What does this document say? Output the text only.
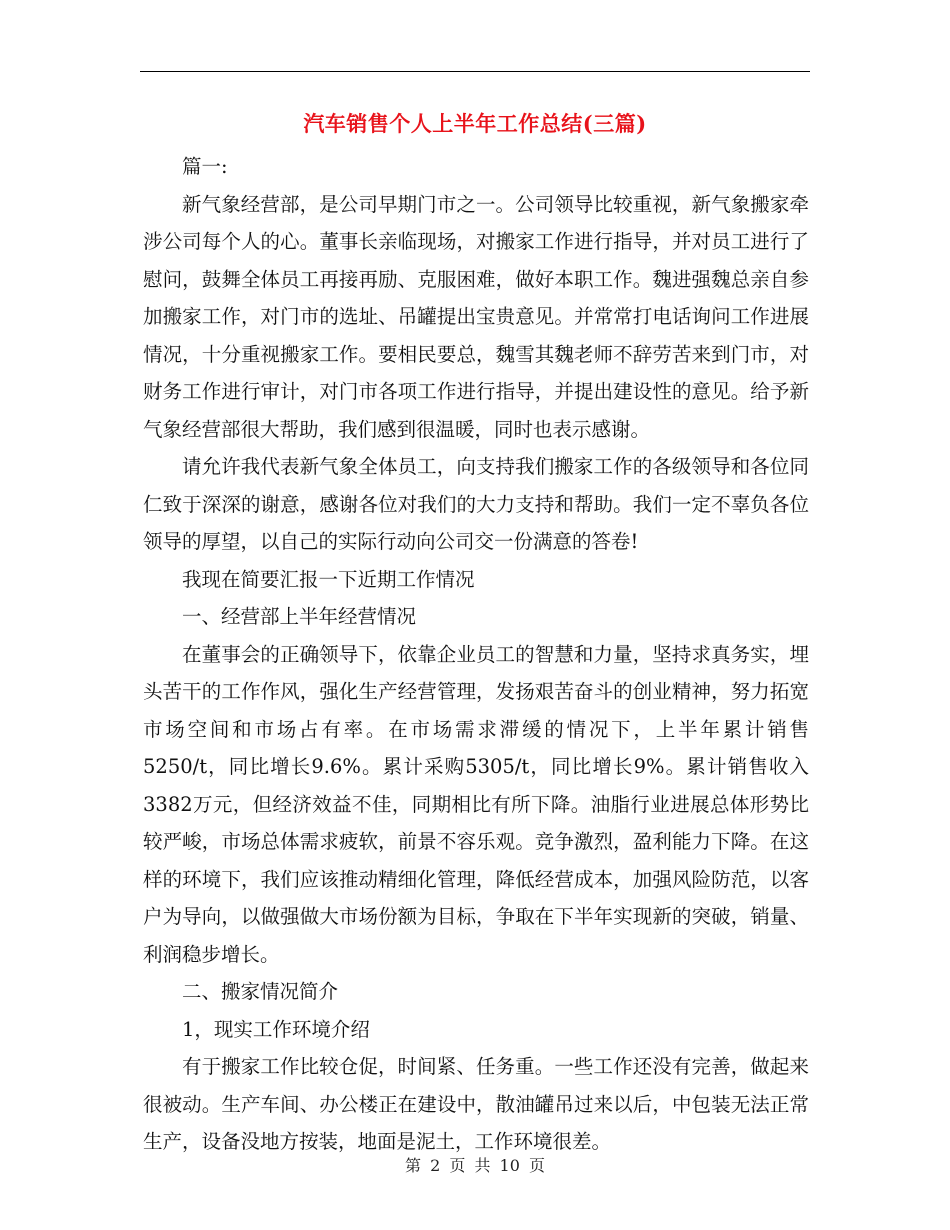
汽车销售个人上半年工作总结(三篇)

篇一:

新气象经营部，是公司早期门市之一。公司领导比较重视，新气象搬家牵涉公司每个人的心。董事长亲临现场，对搬家工作进行指导，并对员工进行了慰问，鼓舞全体员工再接再励、克服困难，做好本职工作。魏进强魏总亲自参加搬家工作，对门市的选址、吊罐提出宝贵意见。并常常打电话询问工作进展情况，十分重视搬家工作。要相民要总，魏雪其魏老师不辞劳苦来到门市，对财务工作进行审计，对门市各项工作进行指导，并提出建设性的意见。给予新气象经营部很大帮助，我们感到很温暖，同时也表示感谢。

请允许我代表新气象全体员工，向支持我们搬家工作的各级领导和各位同仁致于深深的谢意，感谢各位对我们的大力支持和帮助。我们一定不辜负各位领导的厚望，以自己的实际行动向公司交一份满意的答卷!

我现在简要汇报一下近期工作情况

一、经营部上半年经营情况

在董事会的正确领导下，依靠企业员工的智慧和力量，坚持求真务实，埋头苦干的工作作风，强化生产经营管理，发扬艰苦奋斗的创业精神，努力拓宽市场空间和市场占有率。在市场需求滞缓的情况下，上半年累计销售5250/t，同比增长9.6%。累计采购5305/t，同比增长9%。累计销售收入3382万元，但经济效益不佳，同期相比有所下降。油脂行业进展总体形势比较严峻，市场总体需求疲软，前景不容乐观。竞争激烈，盈利能力下降。在这样的环境下，我们应该推动精细化管理，降低经营成本，加强风险防范，以客户为导向，以做强做大市场份额为目标，争取在下半年实现新的突破，销量、利润稳步增长。

二、搬家情况简介

1，现实工作环境介绍

有于搬家工作比较仓促，时间紧、任务重。一些工作还没有完善，做起来很被动。生产车间、办公楼正在建设中，散油罐吊过来以后，中包装无法正常生产，设备没地方按装，地面是泥土，工作环境很差。

第 2 页 共 10 页
